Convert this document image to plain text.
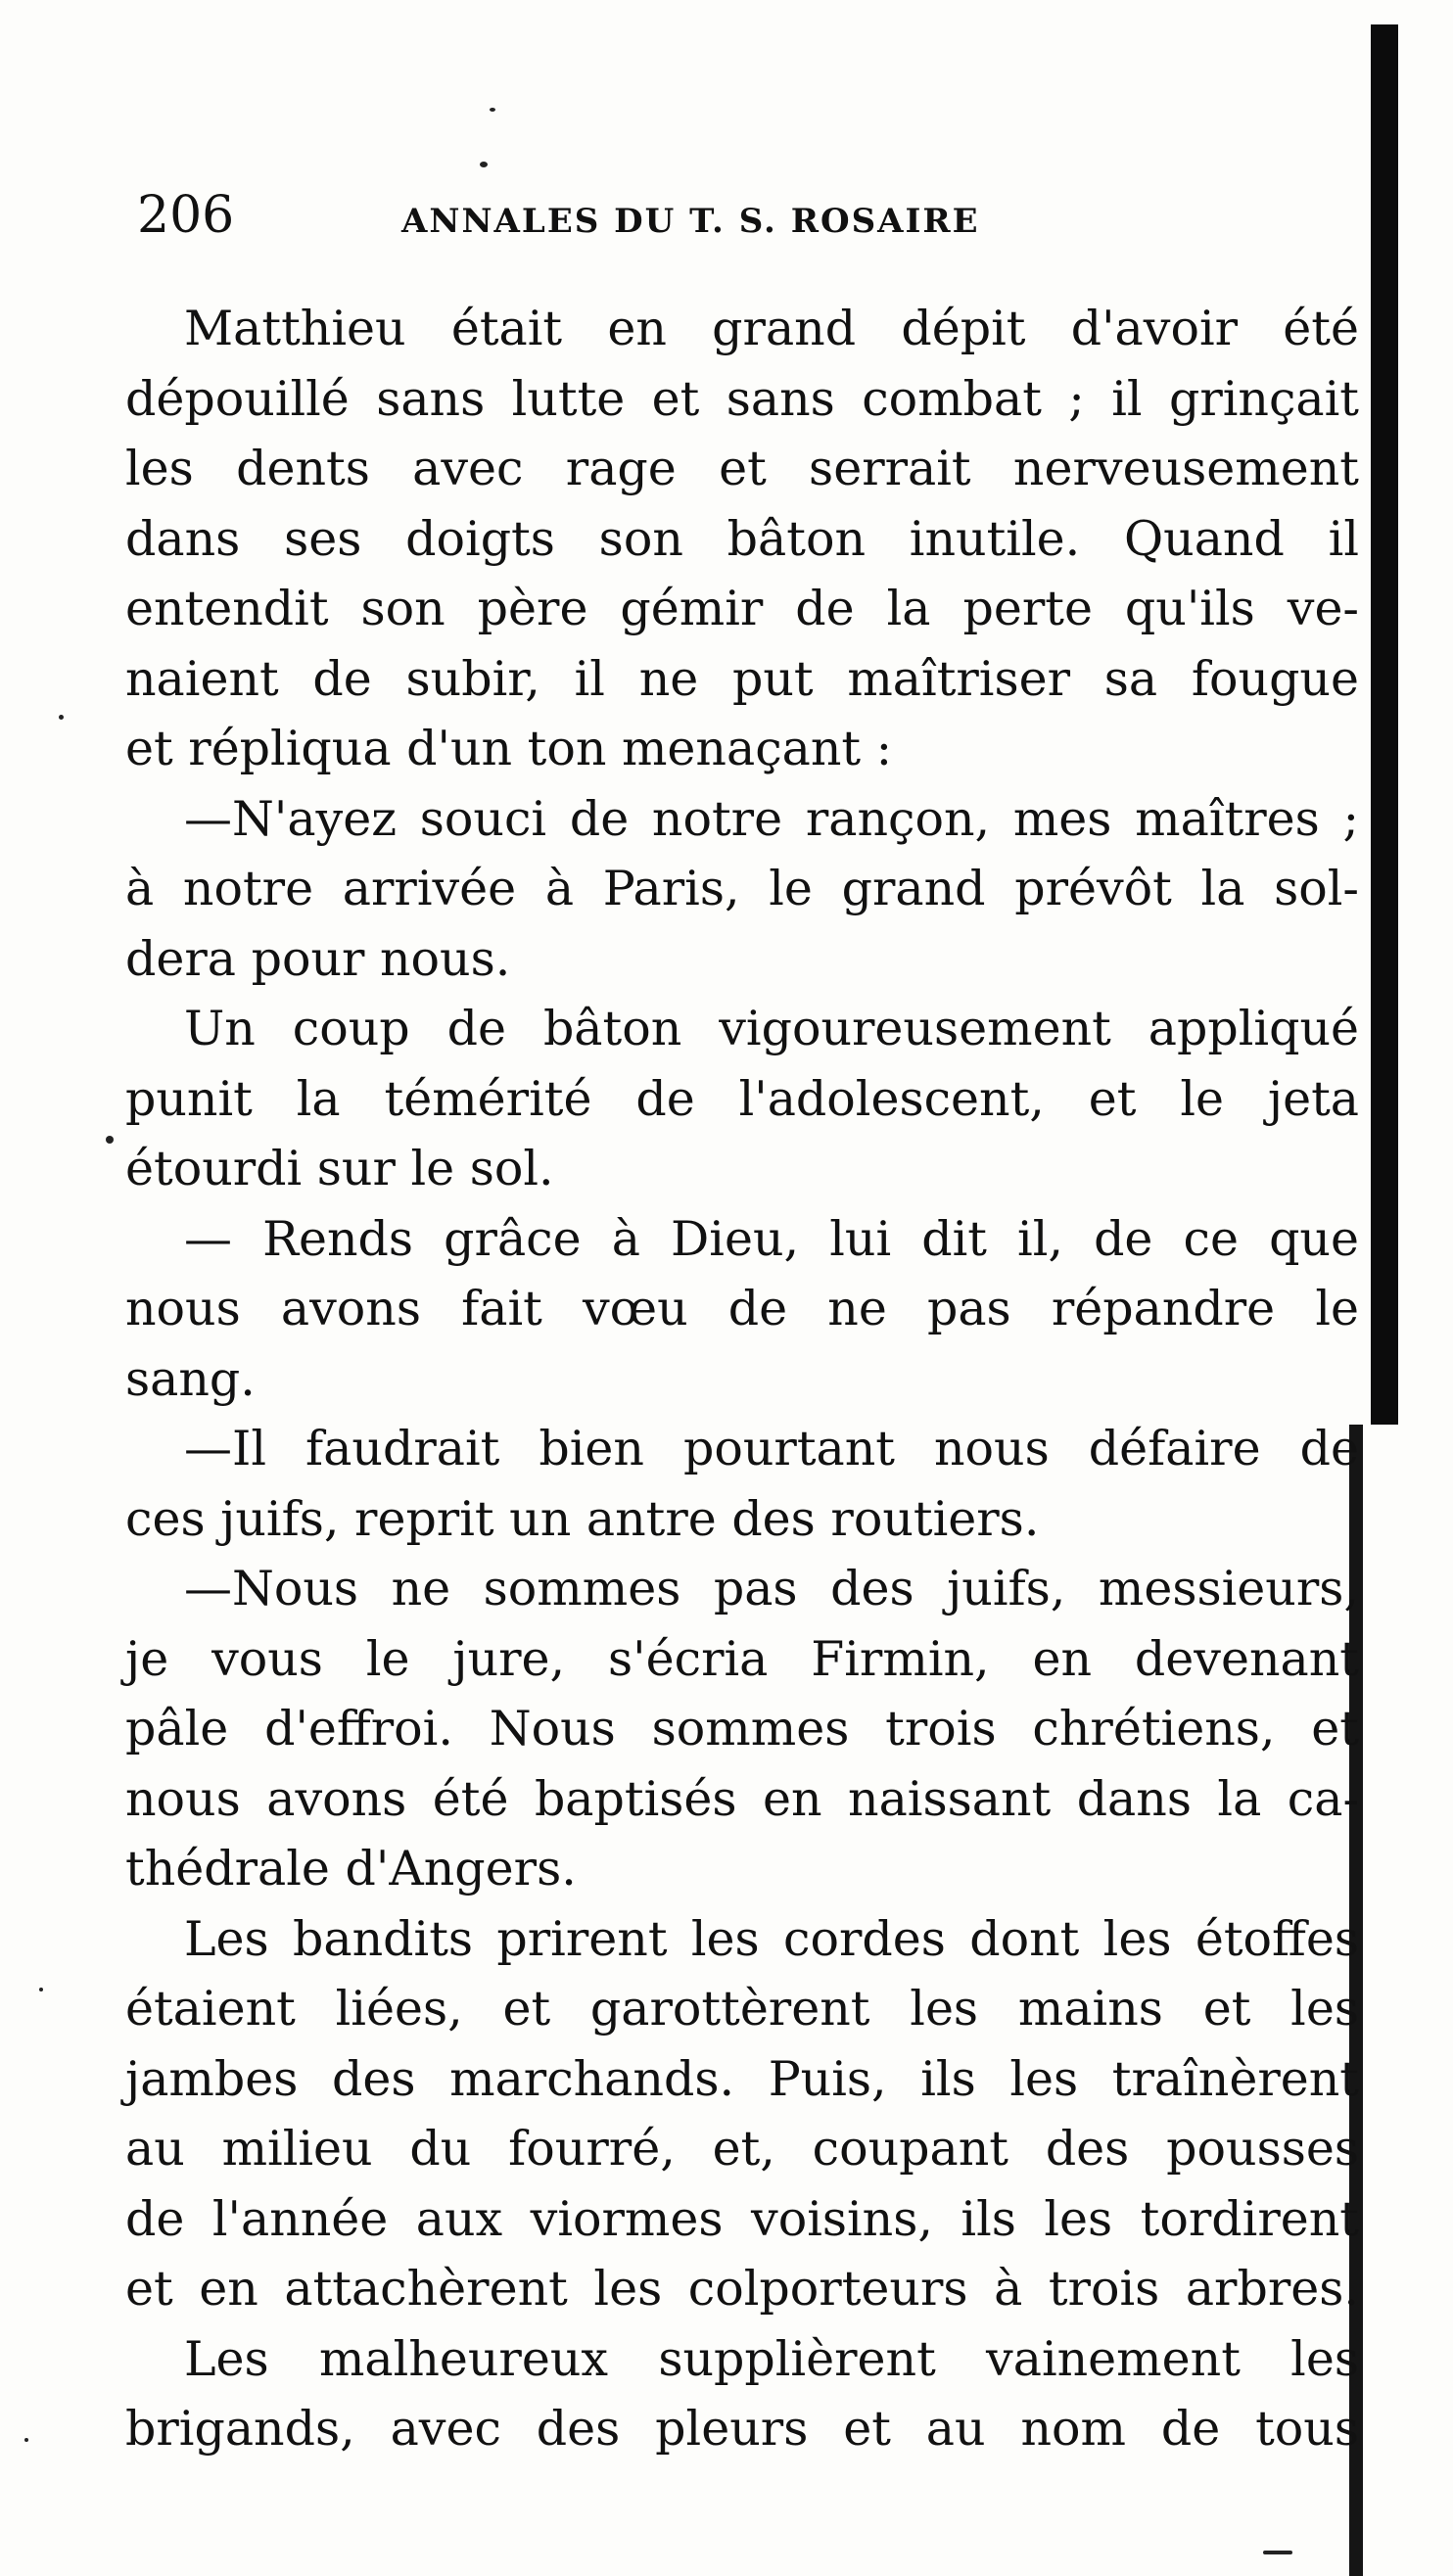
206	ANNALES DU T. S. ROSAIRE

Matthieu était en grand dépit d'avoir été
dépouillé sans lutte et sans combat ; il grinçait
les dents avec rage et serrait nerveusement
dans ses doigts son bâton inutile. Quand il
entendit son père gémir de la perte qu'ils ve-
naient de subir, il ne put maîtriser sa fougue
et répliqua d'un ton menaçant :

—N'ayez souci de notre rançon, mes maîtres ;
à notre arrivée à Paris, le grand prévôt la sol-
dera pour nous.

Un coup de bâton vigoureusement appliqué
punit la témérité de l'adolescent, et le jeta
étourdi sur le sol.

— Rends grâce à Dieu, lui dit il, de ce que
nous avons fait vœu de ne pas répandre le
sang.

—Il faudrait bien pourtant nous défaire de
ces juifs, reprit un antre des routiers.

—Nous ne sommes pas des juifs, messieurs,
je vous le jure, s'écria Firmin, en devenant
pâle d'effroi. Nous sommes trois chrétiens, et
nous avons été baptisés en naissant dans la ca-
thédrale d'Angers.

Les bandits prirent les cordes dont les étoffes
étaient liées, et garottèrent les mains et les
jambes des marchands. Puis, ils les traînèrent
au milieu du fourré, et, coupant des pousses
de l'année aux viormes voisins, ils les tordirent
et en attachèrent les colporteurs à trois arbres.

Les malheureux supplièrent vainement les
brigands, avec des pleurs et au nom de tous
